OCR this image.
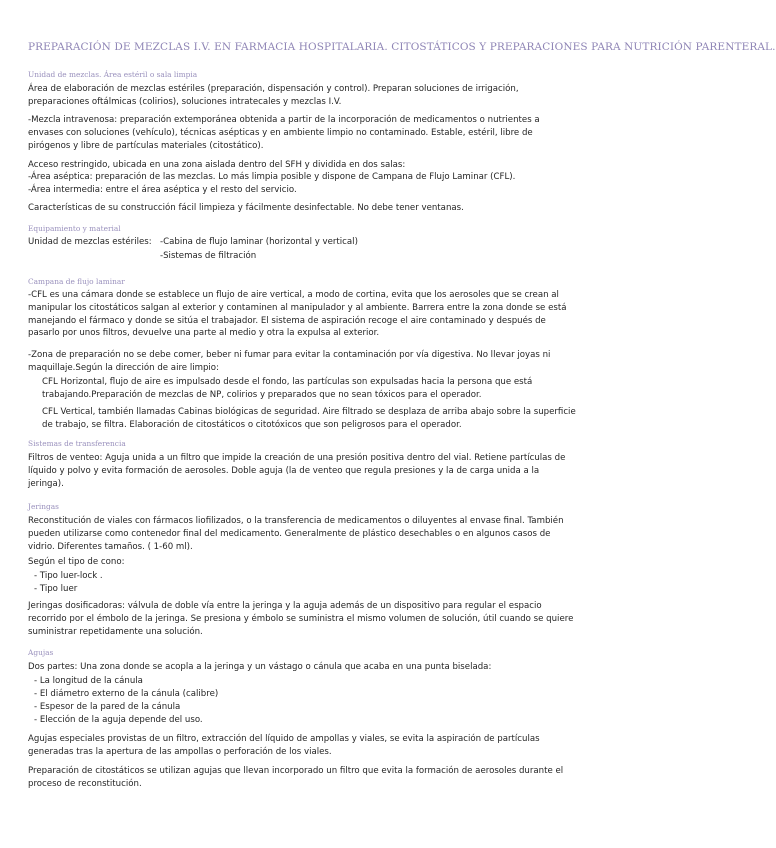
PREPARACIÓN DE MEZCLAS I.V. EN FARMACIA HOSPITALARIA. CITOSTÁTICOS Y PREPARACIONES PARA NUTRICIÓN PARENTERAL.
Unidad de mezclas. Área estéril o sala limpia
Área de elaboración de mezclas estériles (preparación, dispensación y control). Preparan soluciones de irrigación, preparaciones oftálmicas (colirios), soluciones intratecales y mezclas I.V.
-Mezcla intravenosa: preparación extemporánea obtenida a partir de la incorporación de medicamentos o nutrientes a envases con soluciones (vehículo), técnicas asépticas y en ambiente limpio no contaminado. Estable, estéril, libre de pirógenos y libre de partículas materiales (citostático).
Acceso restringido, ubicada en una zona aislada dentro del SFH y dividida en dos salas:
-Área aséptica: preparación de las mezclas. Lo más limpia posible y dispone de Campana de Flujo Laminar (CFL).
-Área intermedia: entre el área aséptica y el resto del servicio.
Características de su construcción fácil limpieza y fácilmente desinfectable. No debe tener ventanas.
Equipamiento y material
Unidad de mezclas estériles: -Cabina de flujo laminar (horizontal y vertical)
-Sistemas de filtración
Campana de flujo laminar
-CFL es una cámara donde se establece un flujo de aire vertical, a modo de cortina, evita que los aerosoles que se crean al manipular los citostáticos salgan al exterior y contaminen al manipulador y al ambiente. Barrera entre la zona donde se está manejando el fármaco y donde se sitúa el trabajador. El sistema de aspiración recoge el aire contaminado y después de pasarlo por unos filtros, devuelve una parte al medio y otra la expulsa al exterior.
-Zona de preparación no se debe comer, beber ni fumar para evitar la contaminación por vía digestiva. No llevar joyas ni maquillaje.Según la dirección de aire limpio:
CFL Horizontal, flujo de aire es impulsado desde el fondo, las partículas son expulsadas hacia la persona que está trabajando.Preparación de mezclas de NP, colirios y preparados que no sean tóxicos para el operador.
CFL Vertical, también llamadas Cabinas biológicas de seguridad. Aire filtrado se desplaza de arriba abajo sobre la superficie de trabajo, se filtra. Elaboración de citostáticos o citotóxicos que son peligrosos para el operador.
Sistemas de transferencia
Filtros de venteo: Aguja unida a un filtro que impide la creación de una presión positiva dentro del vial. Retiene partículas de líquido y polvo y evita formación de aerosoles. Doble aguja (la de venteo que regula presiones y la de carga unida a la jeringa).
Jeringas
Reconstitución de viales con fármacos liofilizados, o la transferencia de medicamentos o diluyentes al envase final. También pueden utilizarse como contenedor final del medicamento. Generalmente de plástico desechables o en algunos casos de vidrio. Diferentes tamaños. ( 1-60 ml).
Según el tipo de cono:
- Tipo luer-lock .
- Tipo luer
Jeringas dosificadoras: válvula de doble vía entre la jeringa y la aguja además de un dispositivo para regular el espacio recorrido por el émbolo de la jeringa. Se presiona y émbolo se suministra el mismo volumen de solución, útil cuando se quiere suministrar repetidamente una solución.
Agujas
Dos partes: Una zona donde se acopla a la jeringa y un vástago o cánula que acaba en una punta biselada:
- La longitud de la cánula
- El diámetro externo de la cánula (calibre)
- Espesor de la pared de la cánula
- Elección de la aguja depende del uso.
Agujas especiales provistas de un filtro, extracción del líquido de ampollas y viales, se evita la aspiración de partículas generadas tras la apertura de las ampollas o perforación de los viales.
Preparación de citostáticos se utilizan agujas que llevan incorporado un filtro que evita la formación de aerosoles durante el proceso de reconstitución.
